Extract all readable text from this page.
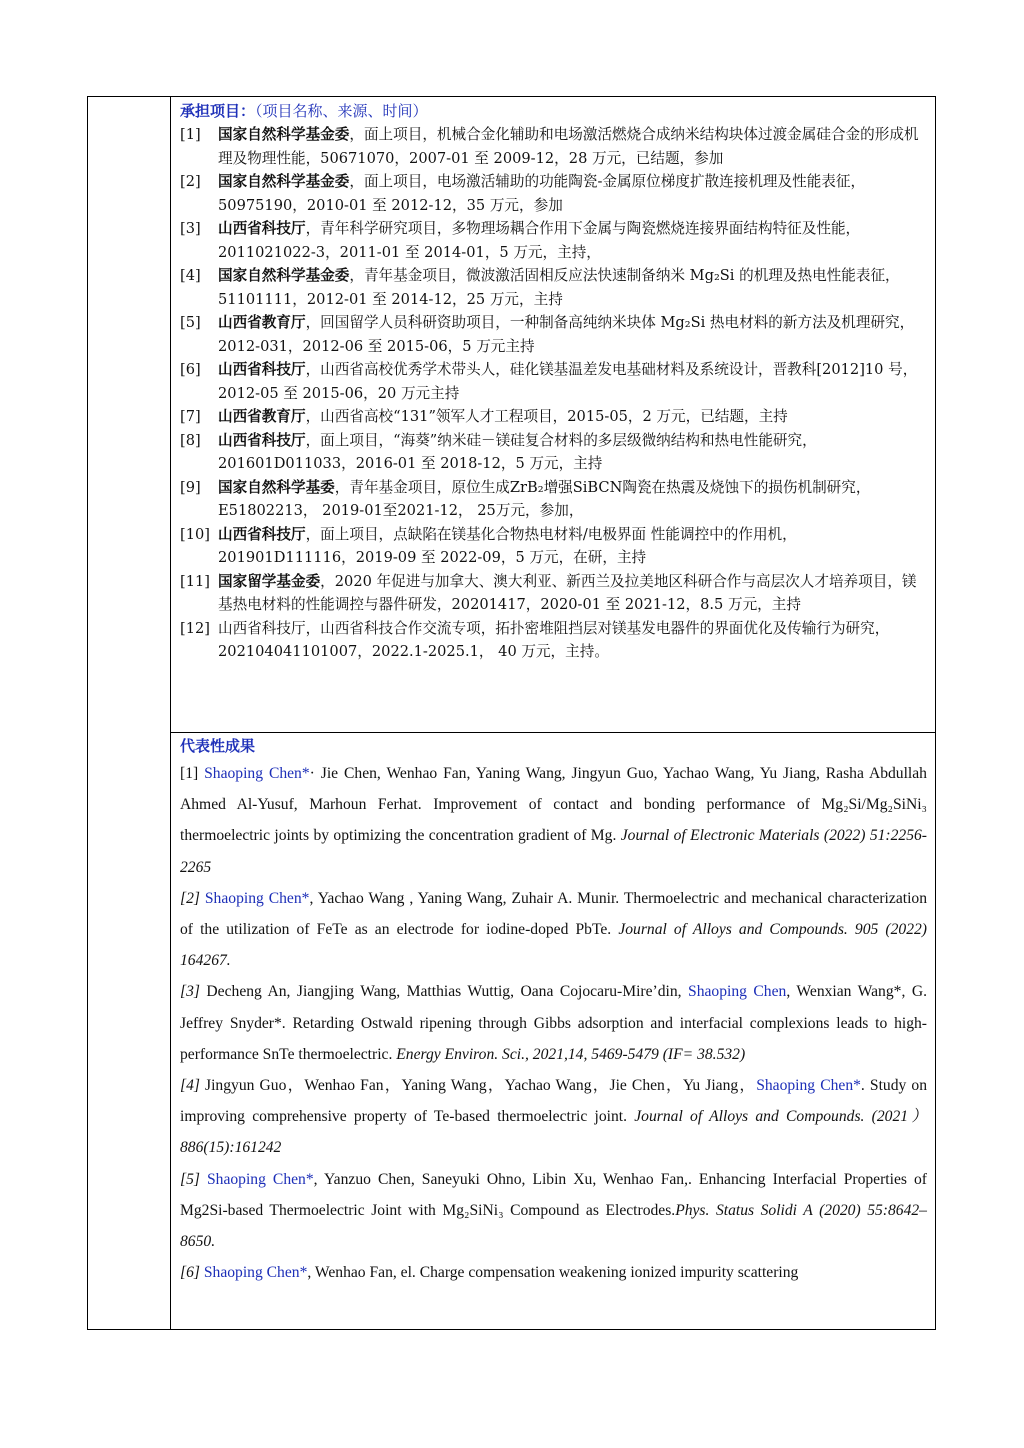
承担项目：（项目名称、来源、时间）
[1]	国家自然科学基金委，面上项目，机械合金化辅助和电场激活燃烧合成纳米结构块体过渡金属硅合金的形成机理及物理性能，50671070，2007-01 至 2009-12，28 万元，已结题，参加
[2]	国家自然科学基金委，面上项目，电场激活辅助的功能陶瓷-金属原位梯度扩散连接机理及性能表征，50975190，2010-01 至 2012-12，35 万元，参加
[3]	山西省科技厅，青年科学研究项目，多物理场耦合作用下金属与陶瓷燃烧连接界面结构特征及性能，2011021022-3，2011-01 至 2014-01，5 万元，主持，
[4]	国家自然科学基金委，青年基金项目，微波激活固相反应法快速制备纳米 Mg₂Si 的机理及热电性能表征，51101111，2012-01 至 2014-12，25 万元，主持
[5]	山西省教育厅，回国留学人员科研资助项目，一种制备高纯纳米块体 Mg₂Si 热电材料的新方法及机理研究，2012-031，2012-06 至 2015-06，5 万元主持
[6]	山西省科技厅，山西省高校优秀学术带头人，硅化镁基温差发电基础材料及系统设计，晋教科[2012]10 号，2012-05 至 2015-06，20 万元主持
[7]	山西省教育厅，山西省高校“131”领军人才工程项目，2015-05，2 万元，已结题，主持
[8]	山西省科技厅，面上项目，“海葵”纳米硅－镁硅复合材料的多层级微纳结构和热电性能研究，201601D011033，2016-01 至 2018-12，5 万元，主持
[9]	国家自然科学基委，青年基金项目，原位生成ZrB₂增强SiBCN陶瓷在热震及烧蚀下的损伤机制研究，E51802213， 2019-01至2021-12， 25万元，参加，
[10] 山西省科技厅，面上项目，点缺陷在镁基化合物热电材料/电极界面 性能调控中的作用机，201901D111116，2019-09 至 2022-09，5 万元，在研，主持
[11] 国家留学基金委，2020 年促进与加拿大、澳大利亚、新西兰及拉美地区科研合作与高层次人才培养项目，镁基热电材料的性能调控与器件研发，20201417，2020-01 至 2021-12，8.5 万元，主持
[12] 山西省科技厅，山西省科技合作交流专项，拓扑密堆阻挡层对镁基发电器件的界面优化及传输行为研究，202104041101007，2022.1-2025.1， 40 万元，主持。
代表性成果
[1] Shaoping Chen*· Jie Chen, Wenhao Fan, Yaning Wang, Jingyun Guo, Yachao Wang, Yu Jiang, Rasha Abdullah Ahmed Al-Yusuf, Marhoun Ferhat. Improvement of contact and bonding performance of Mg₂Si/Mg₂SiNi₃ thermoelectric joints by optimizing the concentration gradient of Mg. Journal of Electronic Materials (2022) 51:2256-2265
[2] Shaoping Chen*, Yachao Wang , Yaning Wang, Zuhair A. Munir. Thermoelectric and mechanical characterization of the utilization of FeTe as an electrode for iodine-doped PbTe. Journal of Alloys and Compounds. 905 (2022) 164267.
[3] Decheng An, Jiangjing Wang, Matthias Wuttig, Oana Cojocaru-Mire’din, Shaoping Chen, Wenxian Wang*, G. Jeffrey Snyder*. Retarding Ostwald ripening through Gibbs adsorption and interfacial complexions leads to high-performance SnTe thermoelectric. Energy Environ. Sci., 2021,14, 5469-5479 (IF= 38.532)
[4] Jingyun Guo，Wenhao Fan，Yaning Wang，Yachao Wang，Jie Chen，Yu Jiang，Shaoping Chen*. Study on improving comprehensive property of Te-based thermoelectric joint. Journal of Alloys and Compounds. (2021）886(15):161242
[5] Shaoping Chen*, Yanzuo Chen, Saneyuki Ohno, Libin Xu, Wenhao Fan,. Enhancing Interfacial Properties of Mg2Si-based Thermoelectric Joint with Mg₂SiNi₃ Compound as Electrodes.Phys. Status Solidi A (2020) 55:8642–8650.
[6] Shaoping Chen*, Wenhao Fan, el. Charge compensation weakening ionized impurity scattering
